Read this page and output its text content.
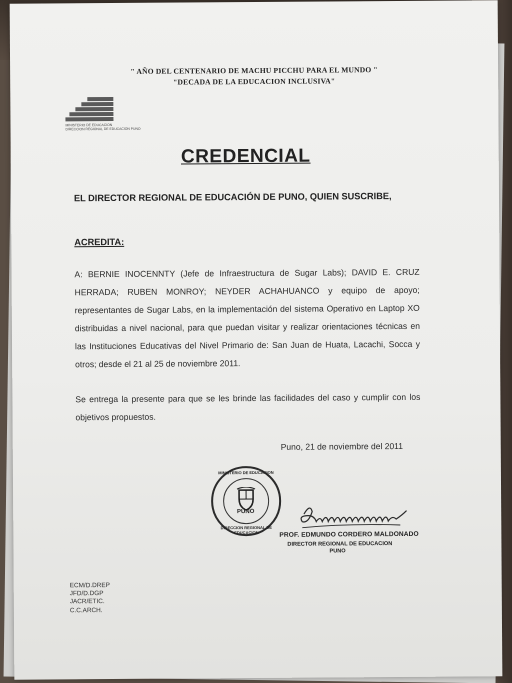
" AÑO DEL CENTENARIO DE MACHU PICCHU PARA EL MUNDO "
"DECADA DE LA EDUCACION INCLUSIVA"
MINISTERIO DE EDUCACION
DIRECCION REGIONAL DE EDUCACION PUNO
CREDENCIAL
EL DIRECTOR REGIONAL DE EDUCACIÓN DE PUNO, QUIEN SUSCRIBE,
ACREDITA:
A: BERNIE INOCENNTY (Jefe de Infraestructura de Sugar Labs); DAVID E. CRUZ HERRADA; RUBEN MONROY; NEYDER ACHAHUANCO y equipo de apoyo; representantes de Sugar Labs, en la implementación del sistema Operativo en Laptop XO distribuidas a nivel nacional, para que puedan visitar y realizar orientaciones técnicas en las Instituciones Educativas del Nivel Primario de: San Juan de Huata, Lacachi, Socca y otros; desde el 21 al 25 de noviembre 2011.
Se entrega la presente para que se les brinde las facilidades del caso y cumplir con los objetivos propuestos.
Puno, 21 de noviembre del 2011
MINISTERIO DE EDUCACION
PUNO
DIRECCION REGIONAL DE EDUCACION	PROF. EDMUNDO CORDERO MALDONADO
DIRECTOR REGIONAL DE EDUCACION
PUNO
ECM/D.DREP
JFD/D.DGP
JACR/ETIC.
C.C.ARCH.
